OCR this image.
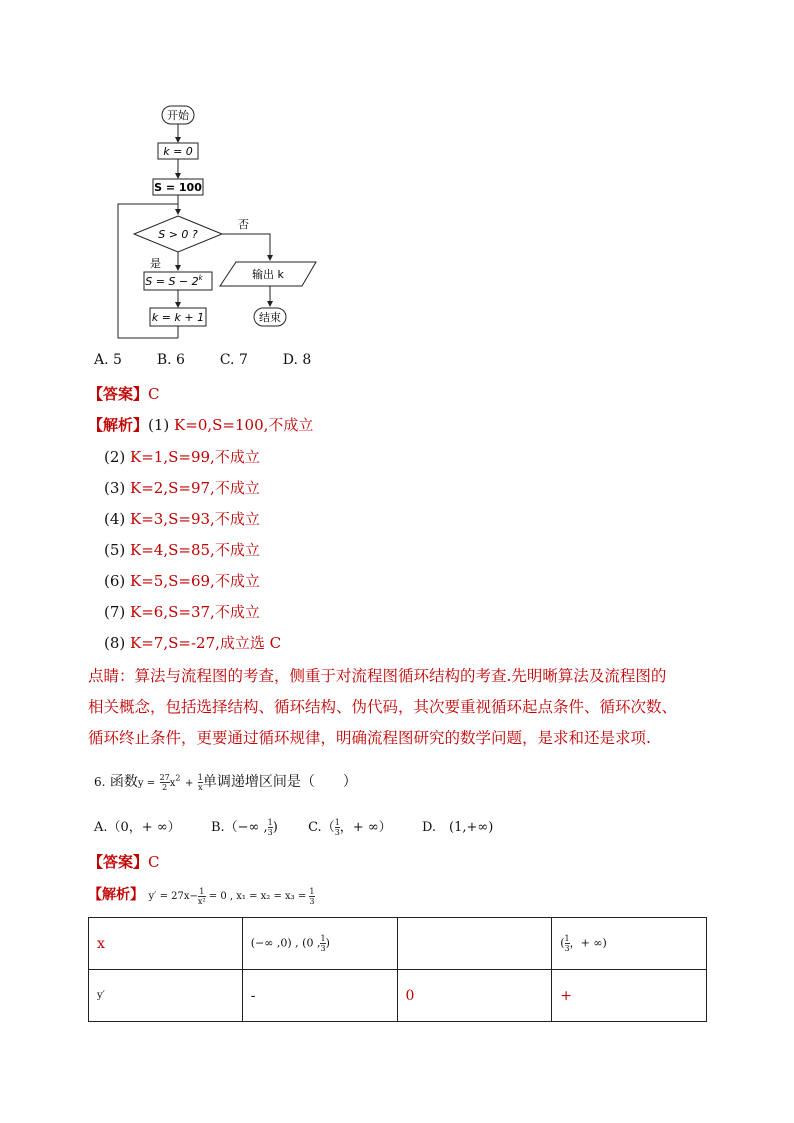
开始
k = 0
S = 100
S > 0 ?
否
是
$S = S - 2^k$
k = k + 1
输出 k
结束
A. 5 B. 6 C. 7 D. 8
【答案】C
【解析】(1) K=0,S=100,不成立
(2) K=1,S=99,不成立
(3) K=2,S=97,不成立
(4) K=3,S=93,不成立
(5) K=4,S=85,不成立
(6) K=5,S=69,不成立
(7) K=6,S=37,不成立
(8) K=7,S=-27,成立选 C
点睛：算法与流程图的考查，侧重于对流程图循环结构的考查.先明晰算法及流程图的
相关概念，包括选择结构、循环结构、伪代码，其次要重视循环起点条件、循环次数、
循环终止条件，更要通过循环规律，明确流程图研究的数学问题，是求和还是求项.
6. 函数$y = \frac{27}{2} x^2 + \frac{1}{x}$ 单调递增区间是（　　）
A.（0，+ ∞） B.（−∞ , $\frac{1}{3}$ ) $C.( \frac{1}{3}$ ，+ ∞） D.　(1,+∞)
【答案】C
【解析】 $y' = 27x- \frac{1}{\text{x²}} = 0$ , $x_1 = x_2 = x_3 = \frac{1}{3}$
x	(−∞ ,0) , (0 , $\frac{1}{3}$ )		( $\frac{1}{3}$ ，+ ∞)
y′	-	0	+
